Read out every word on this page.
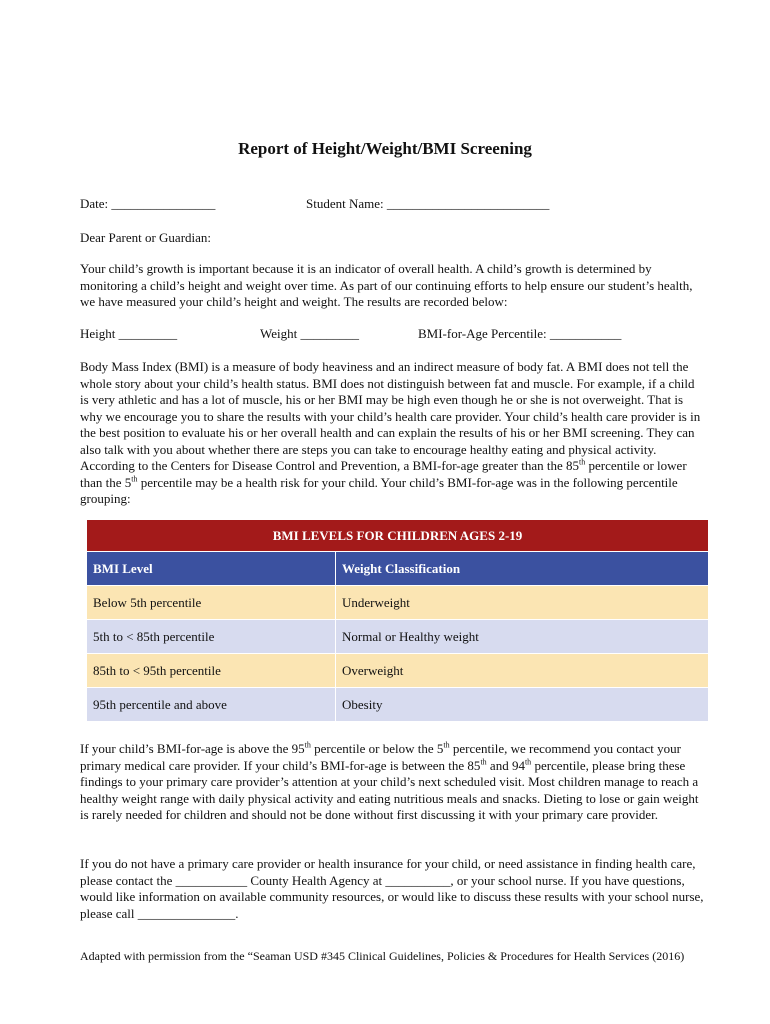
Report of Height/Weight/BMI Screening
Date: ________________	Student Name: _________________________
Dear Parent or Guardian:
Your child’s growth is important because it is an indicator of overall health. A child’s growth is determined by monitoring a child’s height and weight over time. As part of our continuing efforts to help ensure our student’s health, we have measured your child’s height and weight. The results are recorded below:
Height _________	Weight _________	BMI-for-Age Percentile: ___________
Body Mass Index (BMI) is a measure of body heaviness and an indirect measure of body fat. A BMI does not tell the whole story about your child’s health status. BMI does not distinguish between fat and muscle. For example, if a child is very athletic and has a lot of muscle, his or her BMI may be high even though he or she is not overweight. That is why we encourage you to share the results with your child’s health care provider. Your child’s health care provider is in the best position to evaluate his or her overall health and can explain the results of his or her BMI screening. They can also talk with you about whether there are steps you can take to encourage healthy eating and physical activity. According to the Centers for Disease Control and Prevention, a BMI-for-age greater than the 85th percentile or lower than the 5th percentile may be a health risk for your child. Your child’s BMI-for-age was in the following percentile grouping:
BMI LEVELS FOR CHILDREN AGES 2-19	
BMI Level	Weight Classification
Below 5th percentile	Underweight
5th to < 85th percentile	Normal or Healthy weight
85th to < 95th percentile	Overweight
95th percentile and above	Obesity
If your child’s BMI-for-age is above the 95th percentile or below the 5th percentile, we recommend you contact your primary medical care provider. If your child’s BMI-for-age is between the 85th and 94th percentile, please bring these findings to your primary care provider’s attention at your child’s next scheduled visit. Most children manage to reach a healthy weight range with daily physical activity and eating nutritious meals and snacks. Dieting to lose or gain weight is rarely needed for children and should not be done without first discussing it with your primary care provider.
If you do not have a primary care provider or health insurance for your child, or need assistance in finding health care, please contact the ___________ County Health Agency at __________, or your school nurse. If you have questions, would like information on available community resources, or would like to discuss these results with your school nurse, please call _______________.
Adapted with permission from the “Seaman USD #345 Clinical Guidelines, Policies & Procedures for Health Services (2016)
